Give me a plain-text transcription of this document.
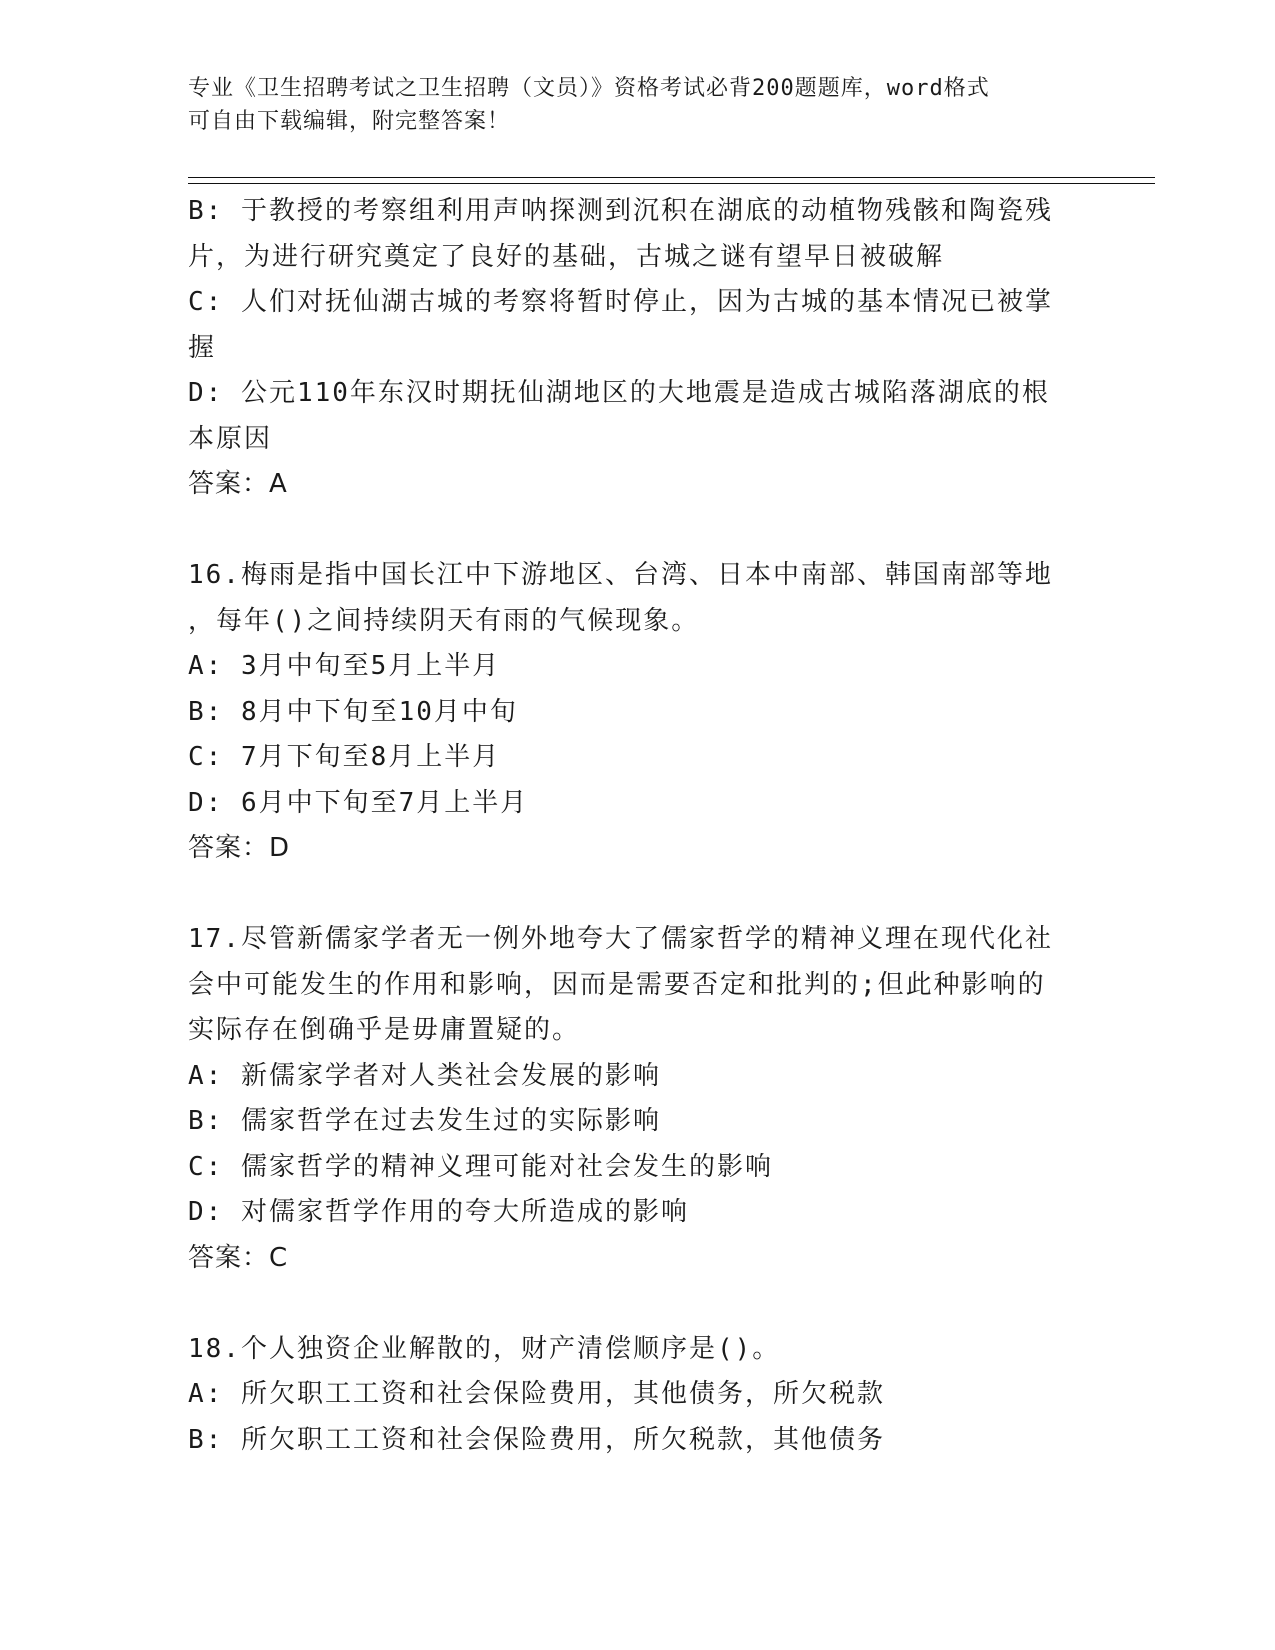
专业《卫生招聘考试之卫生招聘（文员）》资格考试必背200题题库，word格式
可自由下载编辑，附完整答案！
B: 于教授的考察组利用声呐探测到沉积在湖底的动植物残骸和陶瓷残
片，为进行研究奠定了良好的基础，古城之谜有望早日被破解
C: 人们对抚仙湖古城的考察将暂时停止，因为古城的基本情况已被掌
握
D: 公元110年东汉时期抚仙湖地区的大地震是造成古城陷落湖底的根
本原因
答案：A
16.梅雨是指中国长江中下游地区、台湾、日本中南部、韩国南部等地
，每年()之间持续阴天有雨的气候现象。
A: 3月中旬至5月上半月
B: 8月中下旬至10月中旬
C: 7月下旬至8月上半月
D: 6月中下旬至7月上半月
答案：D
17.尽管新儒家学者无一例外地夸大了儒家哲学的精神义理在现代化社
会中可能发生的作用和影响，因而是需要否定和批判的;但此种影响的
实际存在倒确乎是毋庸置疑的。
A: 新儒家学者对人类社会发展的影响
B: 儒家哲学在过去发生过的实际影响
C: 儒家哲学的精神义理可能对社会发生的影响
D: 对儒家哲学作用的夸大所造成的影响
答案：C
18.个人独资企业解散的，财产清偿顺序是()。
A: 所欠职工工资和社会保险费用，其他债务，所欠税款
B: 所欠职工工资和社会保险费用，所欠税款，其他债务
